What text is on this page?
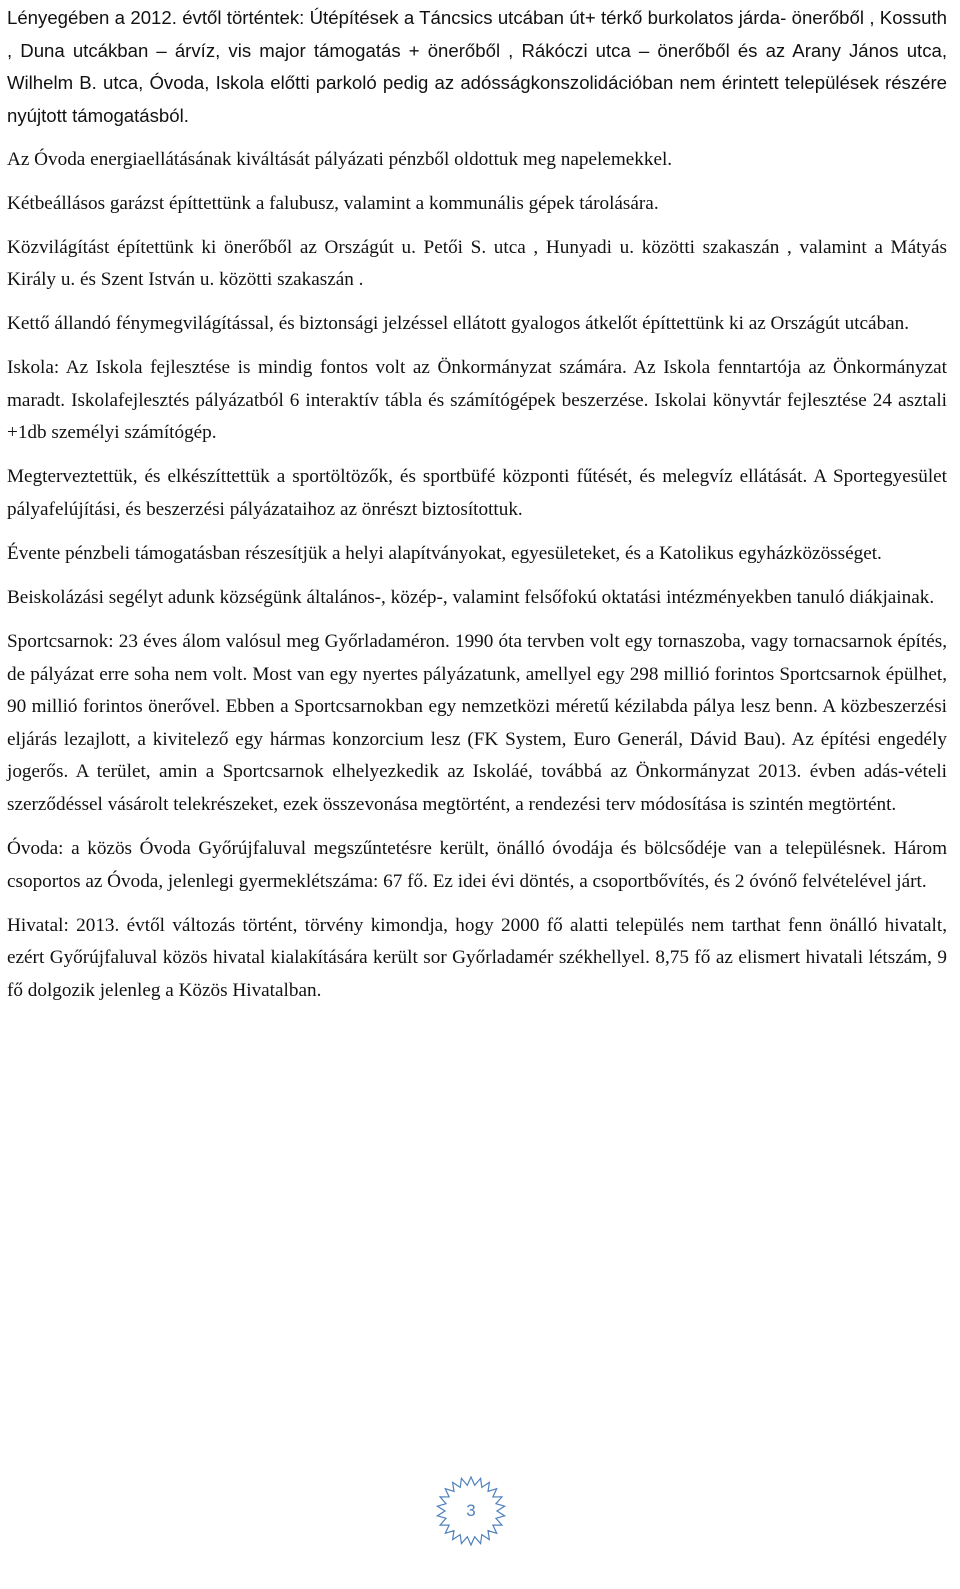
Lényegében a 2012. évtől történtek: Útépítések a Táncsics utcában út+ térkő burkolatos járda- önerőből , Kossuth , Duna utcákban – árvíz, vis major támogatás + önerőből , Rákóczi utca – önerőből és az Arany János utca, Wilhelm B. utca, Óvoda, Iskola előtti parkoló pedig az adósságkonszolidációban nem érintett települések részére nyújtott támogatásból.

Az Óvoda energiaellátásának kiváltását pályázati pénzből oldottuk meg napelemekkel.

Kétbeállásos garázst építtettünk a falubusz, valamint a kommunális gépek tárolására.

Közvilágítást építettünk ki önerőből az Országút u. Petői S. utca , Hunyadi u. közötti szakaszán , valamint a Mátyás Király u. és Szent István u. közötti szakaszán .

Kettő állandó fénymegvilágítással, és biztonsági jelzéssel ellátott gyalogos átkelőt építtettünk ki az Országút utcában.

Iskola: Az Iskola fejlesztése is mindig fontos volt az Önkormányzat számára. Az Iskola fenntartója az Önkormányzat maradt. Iskolafejlesztés pályázatból 6 interaktív tábla és számítógépek beszerzése. Iskolai könyvtár fejlesztése 24 asztali +1db személyi számítógép.

Megterveztettük, és elkészíttettük a sportöltözők, és sportbüfé központi fűtését, és melegvíz ellátását. A Sportegyesület pályafelújítási, és beszerzési pályázataihoz az önrészt biztosítottuk.

Évente pénzbeli támogatásban részesítjük a helyi alapítványokat, egyesületeket, és a Katolikus egyházközösséget.

Beiskolázási segélyt adunk községünk általános-, közép-, valamint felsőfokú oktatási intézményekben tanuló diákjainak.

Sportcsarnok: 23 éves álom valósul meg Győrladaméron. 1990 óta tervben volt egy tornaszoba, vagy tornacsarnok építés, de pályázat erre soha nem volt. Most van egy nyertes pályázatunk, amellyel egy 298 millió forintos Sportcsarnok épülhet, 90 millió forintos önerővel. Ebben a Sportcsarnokban egy nemzetközi méretű kézilabda pálya lesz benn. A közbeszerzési eljárás lezajlott, a kivitelező egy hármas konzorcium lesz (FK System, Euro Generál, Dávid Bau). Az építési engedély jogerős. A terület, amin a Sportcsarnok elhelyezkedik az Iskoláé, továbbá az Önkormányzat 2013. évben adás-vételi szerződéssel vásárolt telekrészeket, ezek összevonása megtörtént, a rendezési terv módosítása is szintén megtörtént.

Óvoda: a közös Óvoda Győrújfaluval megszűntetésre került, önálló óvodája és bölcsődéje van a településnek. Három csoportos az Óvoda, jelenlegi gyermeklétszáma: 67 fő. Ez idei évi döntés, a csoportbővítés, és 2 óvónő felvételével járt.

Hivatal: 2013. évtől változás történt, törvény kimondja, hogy 2000 fő alatti település nem tarthat fenn önálló hivatalt, ezért Győrújfaluval közös hivatal kialakítására került sor Győrladamér székhellyel. 8,75 fő az elismert hivatali létszám, 9 fő dolgozik jelenleg a Közös Hivatalban.

3
